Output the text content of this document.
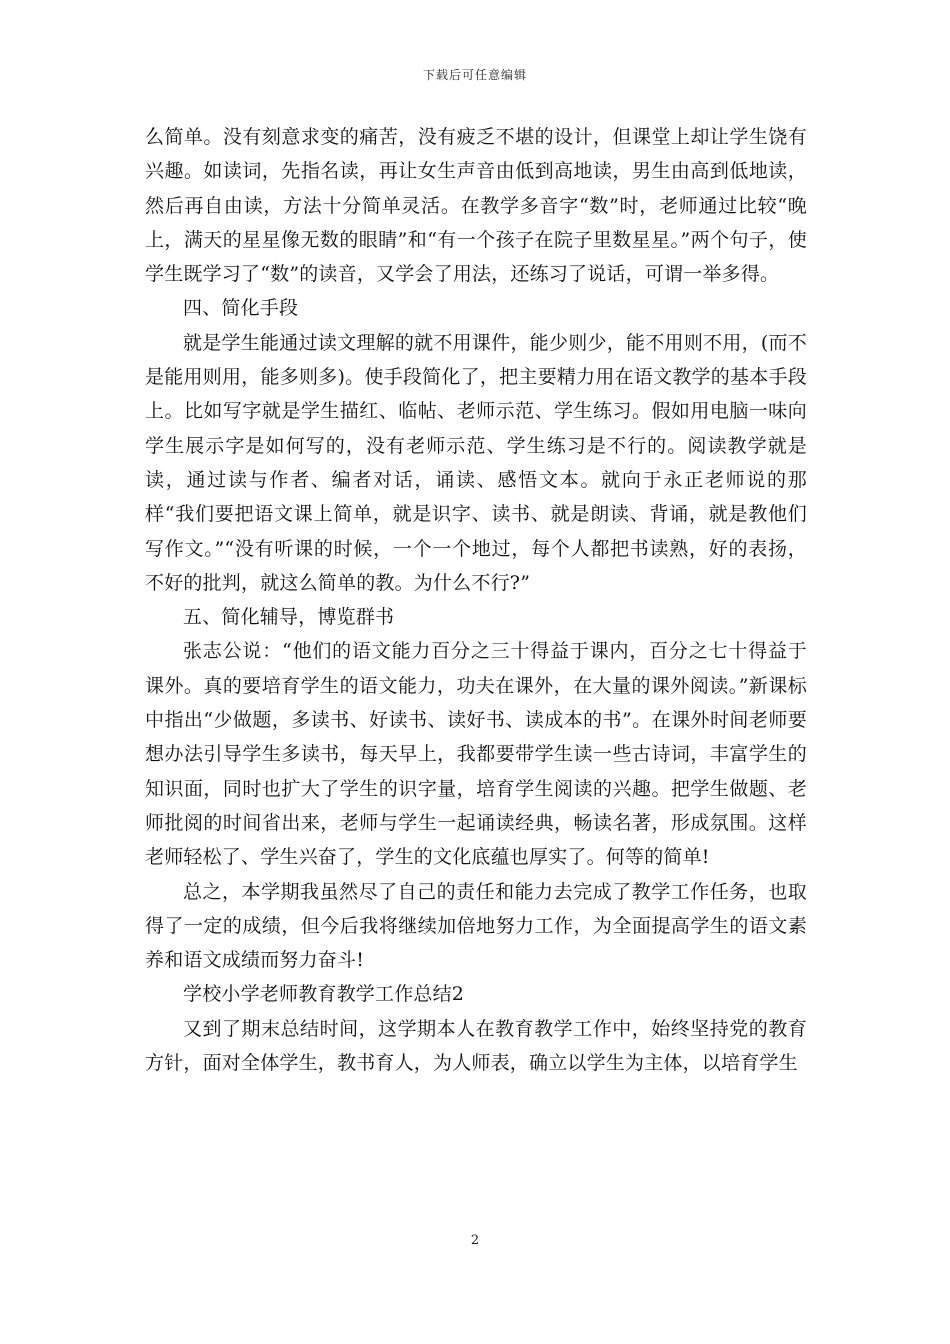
下载后可任意编辑

么简单。没有刻意求变的痛苦，没有疲乏不堪的设计，但课堂上却让学生饶有兴趣。如读词，先指名读，再让女生声音由低到高地读，男生由高到低地读，然后再自由读，方法十分简单灵活。在教学多音字“数”时，老师通过比较“晚上，满天的星星像无数的眼睛”和“有一个孩子在院子里数星星。”两个句子，使学生既学习了“数”的读音，又学会了用法，还练习了说话，可谓一举多得。

四、简化手段

就是学生能通过读文理解的就不用课件，能少则少，能不用则不用，(而不是能用则用，能多则多)。使手段简化了，把主要精力用在语文教学的基本手段上。比如写字就是学生描红、临帖、老师示范、学生练习。假如用电脑一味向学生展示字是如何写的，没有老师示范、学生练习是不行的。阅读教学就是读，通过读与作者、编者对话，诵读、感悟文本。就向于永正老师说的那样“我们要把语文课上简单，就是识字、读书、就是朗读、背诵，就是教他们写作文。”“没有听课的时候，一个一个地过，每个人都把书读熟，好的表扬，不好的批判，就这么简单的教。为什么不行?”

五、简化辅导，博览群书

张志公说：“他们的语文能力百分之三十得益于课内，百分之七十得益于课外。真的要培育学生的语文能力，功夫在课外，在大量的课外阅读。”新课标中指出“少做题，多读书、好读书、读好书、读成本的书”。在课外时间老师要想办法引导学生多读书，每天早上，我都要带学生读一些古诗词，丰富学生的知识面，同时也扩大了学生的识字量，培育学生阅读的兴趣。把学生做题、老师批阅的时间省出来，老师与学生一起诵读经典，畅读名著，形成氛围。这样老师轻松了、学生兴奋了，学生的文化底蕴也厚实了。何等的简单!

总之，本学期我虽然尽了自己的责任和能力去完成了教学工作任务，也取得了一定的成绩，但今后我将继续加倍地努力工作，为全面提高学生的语文素养和语文成绩而努力奋斗!

学校小学老师教育教学工作总结2

又到了期末总结时间，这学期本人在教育教学工作中，始终坚持党的教育方针，面对全体学生，教书育人，为人师表，确立以学生为主体，以培育学生

2
